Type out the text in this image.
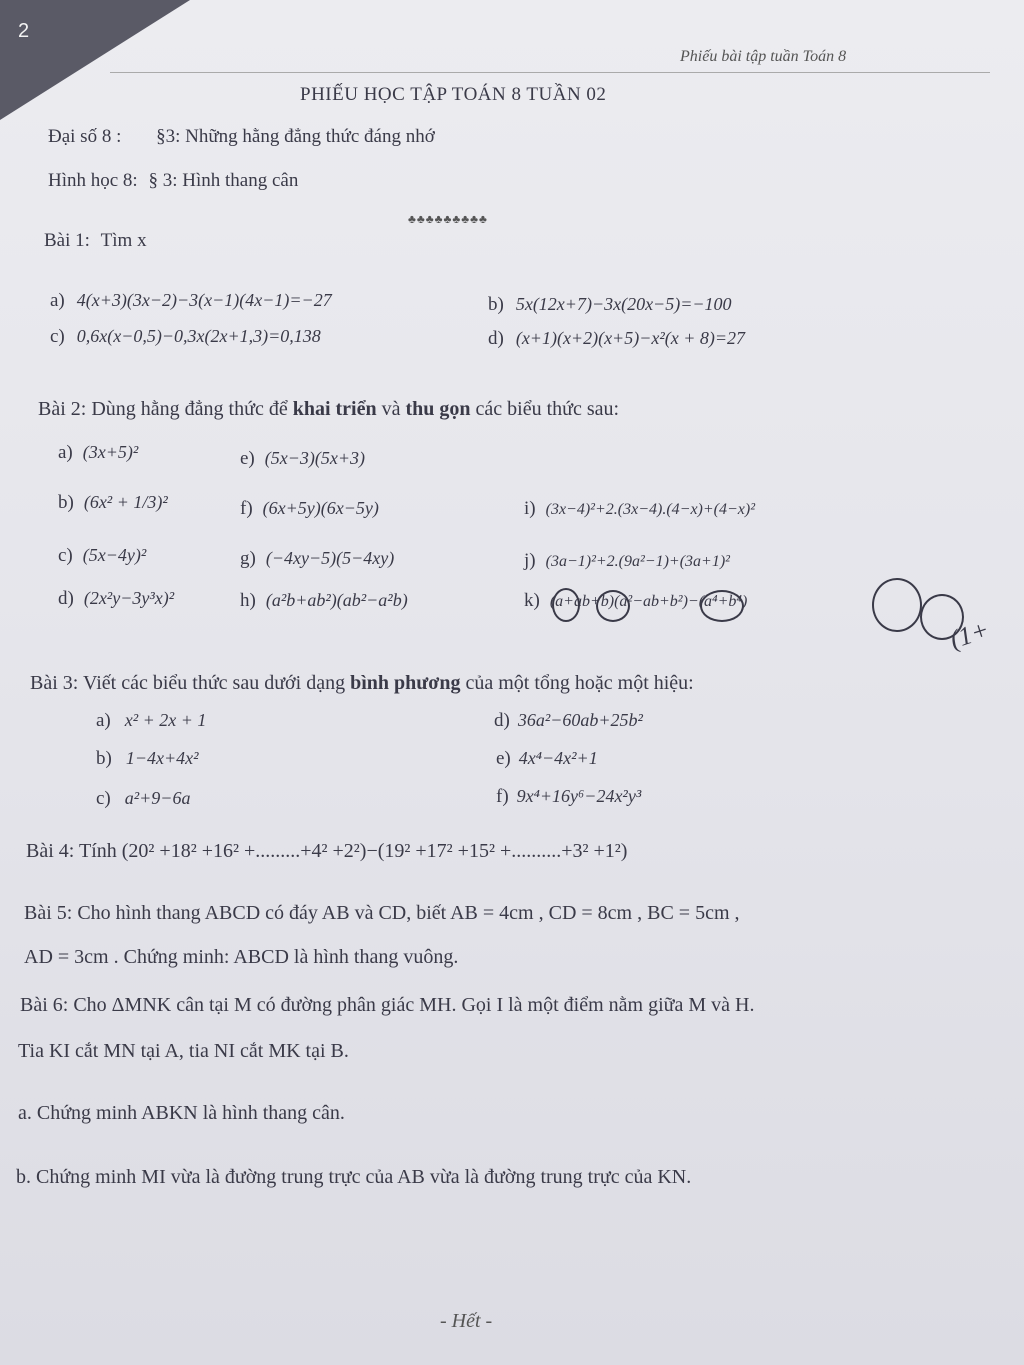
2
Phiếu bài tập tuần Toán 8
PHIẾU HỌC TẬP TOÁN 8 TUẦN 02
Đại số 8 : §3: Những hằng đẳng thức đáng nhớ
Hình học 8: § 3: Hình thang cân
♣♣♣♣♣♣♣♣♣
Bài 1: Tìm x
a) 4(x+3)(3x−2)−3(x−1)(4x−1)=−27	b) 5x(12x+7)−3x(20x−5)=−100
c) 0,6x(x−0,5)−0,3x(2x+1,3)=0,138	d) (x+1)(x+2)(x+5)−x²(x + 8)=27
Bài 2: Dùng hằng đẳng thức để khai triển và thu gọn các biểu thức sau:
a) (3x+5)²
b) (6x² + 1/3)²
c) (5x−4y)²
d) (2x²y−3y³x)²
e) (5x−3)(5x+3)
f) (6x+5y)(6x−5y)
g) (−4xy−5)(5−4xy)
h) (a²b+ab²)(ab²−a²b)
i) (3x−4)²+2.(3x−4).(4−x)+(4−x)²
j) (3a−1)²+2.(9a²−1)+(3a+1)²
k) (a+ab+b)(a²−ab+b²)−(a⁴+b⁴)
(1+
Bài 3: Viết các biểu thức sau dưới dạng bình phương của một tổng hoặc một hiệu:
a) x² + 2x + 1
b) 1−4x+4x²
c) a²+9−6a
d) 36a²−60ab+25b²
e) 4x⁴−4x²+1
f) 9x⁴+16y⁶−24x²y³
Bài 4: Tính (20² +18² +16² +.........+4² +2²)−(19² +17² +15² +..........+3² +1²)
Bài 5: Cho hình thang ABCD có đáy AB và CD, biết AB = 4cm , CD = 8cm , BC = 5cm ,
AD = 3cm . Chứng minh: ABCD là hình thang vuông.
Bài 6: Cho ΔMNK cân tại M có đường phân giác MH. Gọi I là một điểm nằm giữa M và H.
Tia KI cắt MN tại A, tia NI cắt MK tại B.
a. Chứng minh ABKN là hình thang cân.
b. Chứng minh MI vừa là đường trung trực của AB vừa là đường trung trực của KN.
- Hết -
